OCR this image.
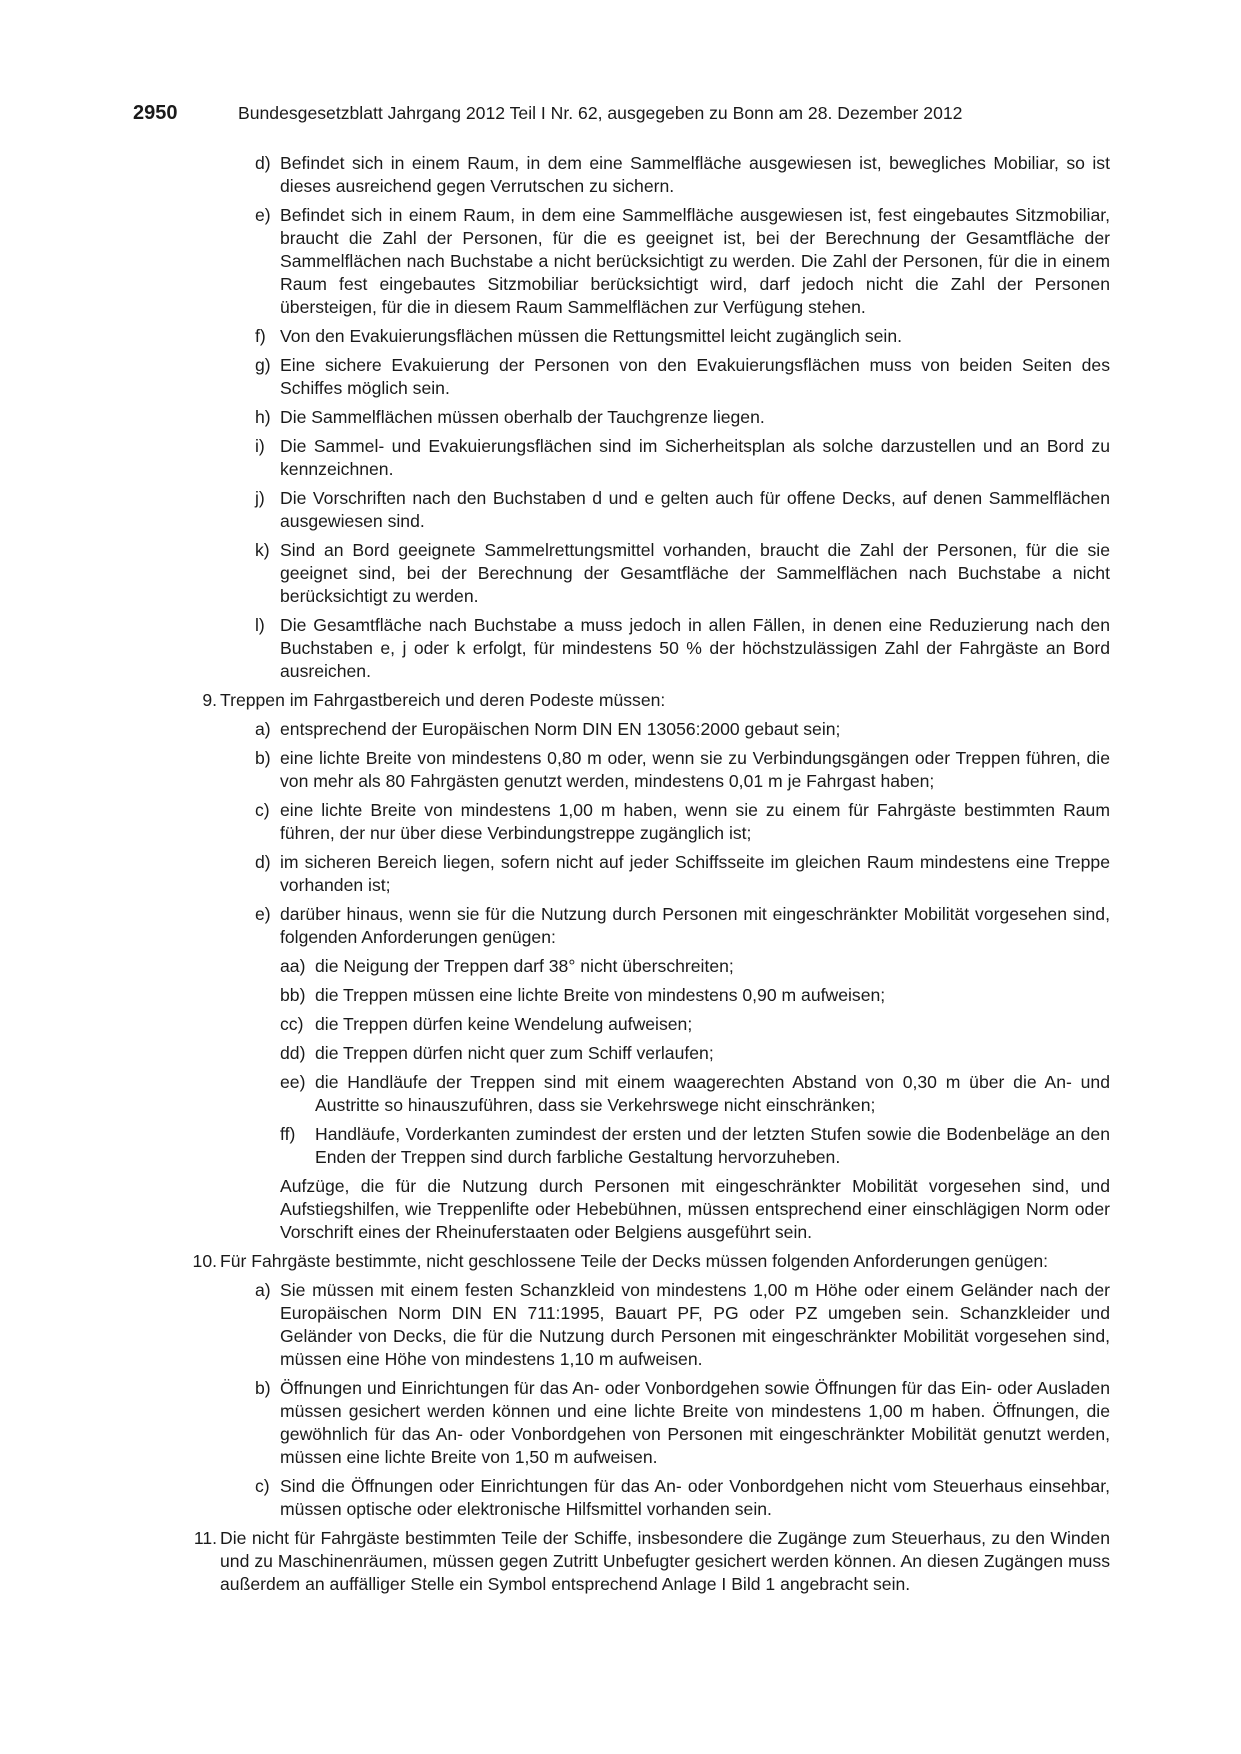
2950	Bundesgesetzblatt Jahrgang 2012 Teil I Nr. 62, ausgegeben zu Bonn am 28. Dezember 2012
d) Befindet sich in einem Raum, in dem eine Sammelfläche ausgewiesen ist, bewegliches Mobiliar, so ist dieses ausreichend gegen Verrutschen zu sichern.
e) Befindet sich in einem Raum, in dem eine Sammelfläche ausgewiesen ist, fest eingebautes Sitzmobiliar, braucht die Zahl der Personen, für die es geeignet ist, bei der Berechnung der Gesamtfläche der Sammelflächen nach Buchstabe a nicht berücksichtigt zu werden. Die Zahl der Personen, für die in einem Raum fest eingebautes Sitzmobiliar berücksichtigt wird, darf jedoch nicht die Zahl der Personen übersteigen, für die in diesem Raum Sammelflächen zur Verfügung stehen.
f) Von den Evakuierungsflächen müssen die Rettungsmittel leicht zugänglich sein.
g) Eine sichere Evakuierung der Personen von den Evakuierungsflächen muss von beiden Seiten des Schiffes möglich sein.
h) Die Sammelflächen müssen oberhalb der Tauchgrenze liegen.
i) Die Sammel- und Evakuierungsflächen sind im Sicherheitsplan als solche darzustellen und an Bord zu kennzeichnen.
j) Die Vorschriften nach den Buchstaben d und e gelten auch für offene Decks, auf denen Sammelflächen ausgewiesen sind.
k) Sind an Bord geeignete Sammelrettungsmittel vorhanden, braucht die Zahl der Personen, für die sie geeignet sind, bei der Berechnung der Gesamtfläche der Sammelflächen nach Buchstabe a nicht berücksichtigt zu werden.
l) Die Gesamtfläche nach Buchstabe a muss jedoch in allen Fällen, in denen eine Reduzierung nach den Buchstaben e, j oder k erfolgt, für mindestens 50 % der höchstzulässigen Zahl der Fahrgäste an Bord ausreichen.
9. Treppen im Fahrgastbereich und deren Podeste müssen:
a) entsprechend der Europäischen Norm DIN EN 13056:2000 gebaut sein;
b) eine lichte Breite von mindestens 0,80 m oder, wenn sie zu Verbindungsgängen oder Treppen führen, die von mehr als 80 Fahrgästen genutzt werden, mindestens 0,01 m je Fahrgast haben;
c) eine lichte Breite von mindestens 1,00 m haben, wenn sie zu einem für Fahrgäste bestimmten Raum führen, der nur über diese Verbindungstreppe zugänglich ist;
d) im sicheren Bereich liegen, sofern nicht auf jeder Schiffsseite im gleichen Raum mindestens eine Treppe vorhanden ist;
e) darüber hinaus, wenn sie für die Nutzung durch Personen mit eingeschränkter Mobilität vorgesehen sind, folgenden Anforderungen genügen:
aa) die Neigung der Treppen darf 38° nicht überschreiten;
bb) die Treppen müssen eine lichte Breite von mindestens 0,90 m aufweisen;
cc) die Treppen dürfen keine Wendelung aufweisen;
dd) die Treppen dürfen nicht quer zum Schiff verlaufen;
ee) die Handläufe der Treppen sind mit einem waagerechten Abstand von 0,30 m über die An- und Austritte so hinauszuführen, dass sie Verkehrswege nicht einschränken;
ff) Handläufe, Vorderkanten zumindest der ersten und der letzten Stufen sowie die Bodenbeläge an den Enden der Treppen sind durch farbliche Gestaltung hervorzuheben.
Aufzüge, die für die Nutzung durch Personen mit eingeschränkter Mobilität vorgesehen sind, und Aufstiegshilfen, wie Treppenlifte oder Hebebühnen, müssen entsprechend einer einschlägigen Norm oder Vorschrift eines der Rheinuferstaaten oder Belgiens ausgeführt sein.
10. Für Fahrgäste bestimmte, nicht geschlossene Teile der Decks müssen folgenden Anforderungen genügen:
a) Sie müssen mit einem festen Schanzkleid von mindestens 1,00 m Höhe oder einem Geländer nach der Europäischen Norm DIN EN 711:1995, Bauart PF, PG oder PZ umgeben sein. Schanzkleider und Geländer von Decks, die für die Nutzung durch Personen mit eingeschränkter Mobilität vorgesehen sind, müssen eine Höhe von mindestens 1,10 m aufweisen.
b) Öffnungen und Einrichtungen für das An- oder Vonbordgehen sowie Öffnungen für das Ein- oder Ausladen müssen gesichert werden können und eine lichte Breite von mindestens 1,00 m haben. Öffnungen, die gewöhnlich für das An- oder Vonbordgehen von Personen mit eingeschränkter Mobilität genutzt werden, müssen eine lichte Breite von 1,50 m aufweisen.
c) Sind die Öffnungen oder Einrichtungen für das An- oder Vonbordgehen nicht vom Steuerhaus einsehbar, müssen optische oder elektronische Hilfsmittel vorhanden sein.
11. Die nicht für Fahrgäste bestimmten Teile der Schiffe, insbesondere die Zugänge zum Steuerhaus, zu den Winden und zu Maschinenräumen, müssen gegen Zutritt Unbefugter gesichert werden können. An diesen Zugängen muss außerdem an auffälliger Stelle ein Symbol entsprechend Anlage I Bild 1 angebracht sein.
